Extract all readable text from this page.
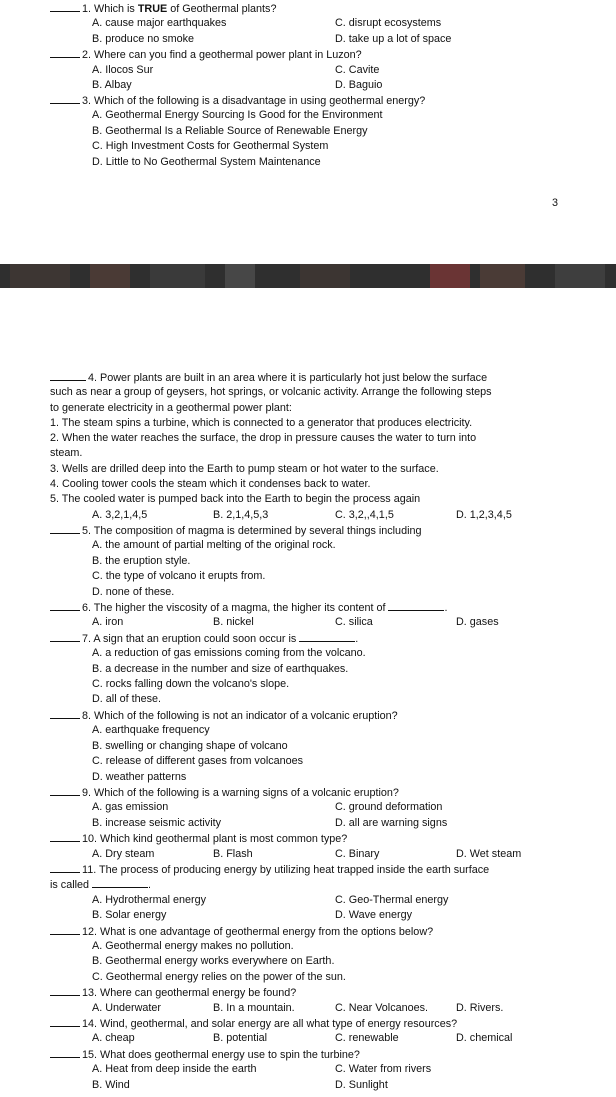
1. Which is TRUE of Geothermal plants?
A. cause major earthquakes	C. disrupt ecosystems
B. produce no smoke	D. take up a lot of space
2. Where can you find a geothermal power plant in Luzon?
A. Ilocos Sur	C. Cavite
B. Albay	D. Baguio
3. Which of the following is a disadvantage in using geothermal energy?
A. Geothermal Energy Sourcing Is Good for the Environment
B. Geothermal Is a Reliable Source of Renewable Energy
C. High Investment Costs for Geothermal System
D. Little to No Geothermal System Maintenance
3
4. Power plants are built in an area where it is particularly hot just below the surface
such as near a group of geysers, hot springs, or volcanic activity. Arrange the following steps
to generate electricity in a geothermal power plant:
1. The steam spins a turbine, which is connected to a generator that produces electricity.
2. When the water reaches the surface, the drop in pressure causes the water to turn into
steam.
3. Wells are drilled deep into the Earth to pump steam or hot water to the surface.
4. Cooling tower cools the steam which it condenses back to water.
5. The cooled water is pumped back into the Earth to begin the process again
A. 3,2,1,4,5	B. 2,1,4,5,3	C. 3,2,,4,1,5	D. 1,2,3,4,5
5. The composition of magma is determined by several things including
A. the amount of partial melting of the original rock.
B. the eruption style.
C. the type of volcano it erupts from.
D. none of these.
6. The higher the viscosity of a magma, the higher its content of	.
A. iron	B. nickel	C. silica	D. gases
7. A sign that an eruption could soon occur is	.
A. a reduction of gas emissions coming from the volcano.
B. a decrease in the number and size of earthquakes.
C. rocks falling down the volcano's slope.
D. all of these.
8. Which of the following is not an indicator of a volcanic eruption?
A. earthquake frequency
B. swelling or changing shape of volcano
C. release of different gases from volcanoes
D. weather patterns
9. Which of the following is a warning signs of a volcanic eruption?
A. gas emission	C. ground deformation
B. increase seismic activity	D. all are warning signs
10. Which kind geothermal plant is most common type?
A. Dry steam	B. Flash	C. Binary	D. Wet steam
11. The process of producing energy by utilizing heat trapped inside the earth surface
is called	.
A. Hydrothermal energy	C. Geo-Thermal energy
B. Solar energy	D. Wave energy
12. What is one advantage of geothermal energy from the options below?
A. Geothermal energy makes no pollution.
B. Geothermal energy works everywhere on Earth.
C. Geothermal energy relies on the power of the sun.
13. Where can geothermal energy be found?
A. Underwater	B. In a mountain.	C. Near Volcanoes.	D. Rivers.
14. Wind, geothermal, and solar energy are all what type of energy resources?
A. cheap	B. potential	C. renewable	D. chemical
15. What does geothermal energy use to spin the turbine?
A. Heat from deep inside the earth	C. Water from rivers
B. Wind	D. Sunlight
